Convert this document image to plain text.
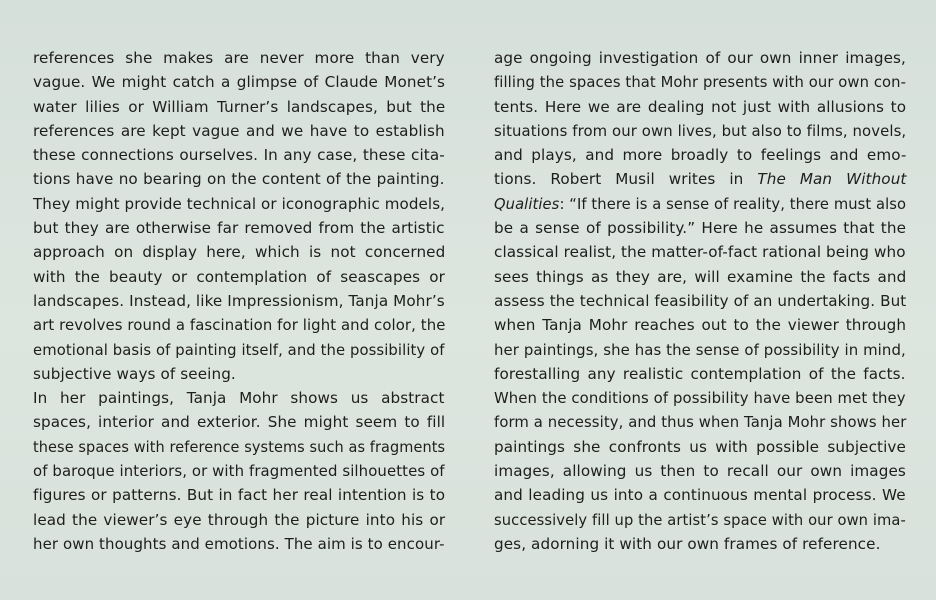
references she makes are never more than very
vague. We might catch a glimpse of Claude Monet’s
water lilies or William Turner’s landscapes, but the
references are kept vague and we have to establish
these connections ourselves. In any case, these cita-
tions have no bearing on the content of the painting.
They might provide technical or iconographic models,
but they are otherwise far removed from the artistic
approach on display here, which is not concerned
with the beauty or contemplation of seascapes or
landscapes. Instead, like Impressionism, Tanja Mohr’s
art revolves round a fascination for light and color, the
emotional basis of painting itself, and the possibility of
subjective ways of seeing.
In her paintings, Tanja Mohr shows us abstract
spaces, interior and exterior. She might seem to fill
these spaces with reference systems such as fragments
of baroque interiors, or with fragmented silhouettes of
figures or patterns. But in fact her real intention is to
lead the viewer’s eye through the picture into his or
her own thoughts and emotions. The aim is to encour-
age ongoing investigation of our own inner images,
filling the spaces that Mohr presents with our own con-
tents. Here we are dealing not just with allusions to
situations from our own lives, but also to films, novels,
and plays, and more broadly to feelings and emo-
tions. Robert Musil writes in The Man Without
Qualities: “If there is a sense of reality, there must also
be a sense of possibility.” Here he assumes that the
classical realist, the matter-of-fact rational being who
sees things as they are, will examine the facts and
assess the technical feasibility of an undertaking. But
when Tanja Mohr reaches out to the viewer through
her paintings, she has the sense of possibility in mind,
forestalling any realistic contemplation of the facts.
When the conditions of possibility have been met they
form a necessity, and thus when Tanja Mohr shows her
paintings she confronts us with possible subjective
images, allowing us then to recall our own images
and leading us into a continuous mental process. We
successively fill up the artist’s space with our own ima-
ges, adorning it with our own frames of reference.
